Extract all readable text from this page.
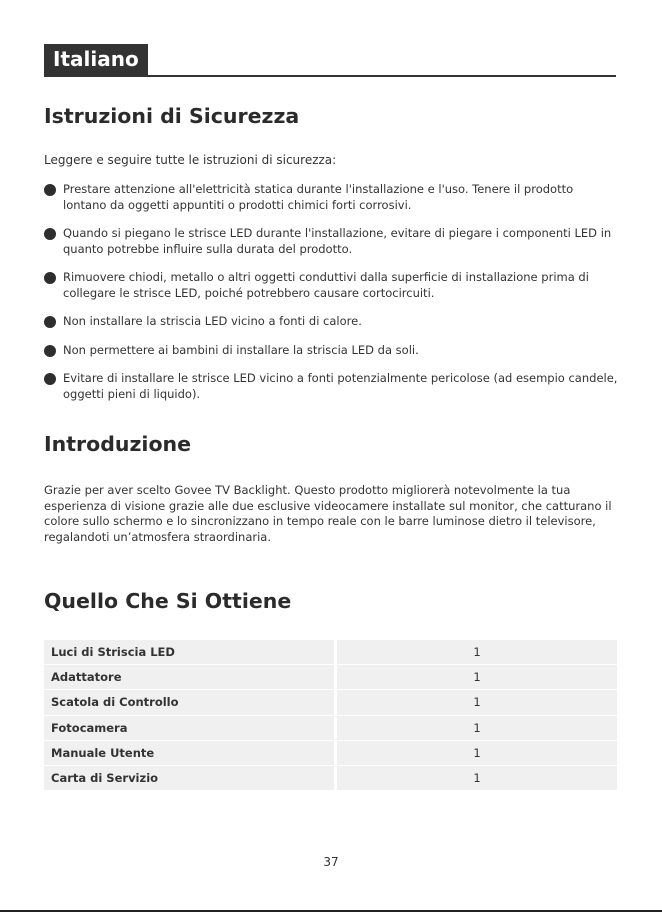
Italiano
Istruzioni di Sicurezza
Leggere e seguire tutte le istruzioni di sicurezza:
Prestare attenzione all'elettricità statica durante l'installazione e l'uso. Tenere il prodotto lontano da oggetti appuntiti o prodotti chimici forti corrosivi.
Quando si piegano le strisce LED durante l'installazione, evitare di piegare i componenti LED in quanto potrebbe influire sulla durata del prodotto.
Rimuovere chiodi, metallo o altri oggetti conduttivi dalla superficie di installazione prima di collegare le strisce LED, poiché potrebbero causare cortocircuiti.
Non installare la striscia LED vicino a fonti di calore.
Non permettere ai bambini di installare la striscia LED da soli.
Evitare di installare le strisce LED vicino a fonti potenzialmente pericolose (ad esempio candele, oggetti pieni di liquido).
Introduzione

Grazie per aver scelto Govee TV Backlight. Questo prodotto migliorerà notevolmente la tua esperienza di visione grazie alle due esclusive videocamere installate sul monitor, che catturano il colore sullo schermo e lo sincronizzano in tempo reale con le barre luminose dietro il televisore, regalandoti un’atmosfera straordinaria.

Quello Che Si Ottiene
Luci di Striscia LED	1
Adattatore	1
Scatola di Controllo	1
Fotocamera	1
Manuale Utente	1
Carta di Servizio	1
37
